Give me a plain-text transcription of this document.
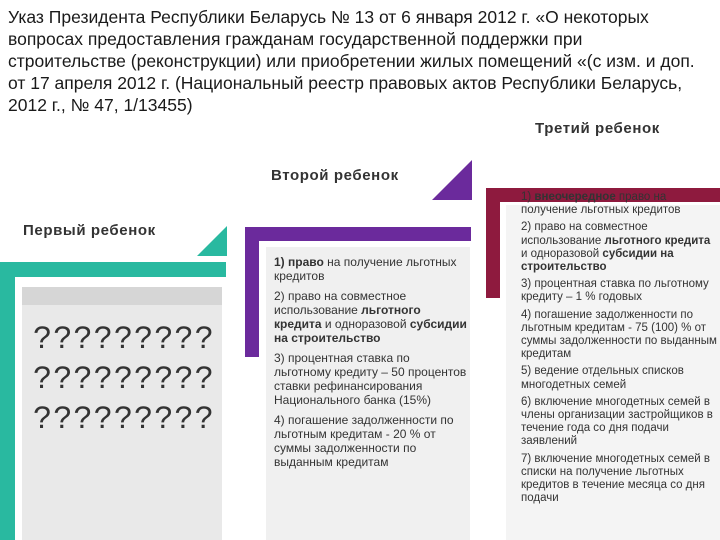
Указ Президента Республики Беларусь № 13 от 6 января 2012 г. «О некоторых
вопросах предоставления гражданам государственной поддержки при
строительстве (реконструкции) или приобретении жилых помещений «(с изм. и доп.
от 17 апреля 2012 г. (Национальный реестр правовых актов Республики Беларусь,
2012 г., № 47, 1/13455)
Третий ребенок
Второй ребенок
Первый ребенок
?????????
?????????
?????????
1) право на получение льготных кредитов
2) право на совместное использование льготного кредита и одноразовой субсидии на строительство
3) процентная ставка по льготному кредиту – 50 процентов ставки рефинансирования Национального банка (15%)
4) погашение задолженности по льготным кредитам - 20 % от суммы задолженности по выданным кредитам
1) внеочередное право на получение льготных кредитов
2) право на совместное использование льготного кредита и одноразовой субсидии на строительство
3) процентная ставка по льготному кредиту – 1 % годовых
4) погашение задолженности по льготным кредитам - 75 (100) % от суммы задолженности по выданным кредитам
5) ведение отдельных списков многодетных семей
6) включение многодетных семей в члены организации застройщиков в течение года со дня подачи заявлений
7) включение многодетных семей в списки на получение льготных кредитов в течение месяца со дня подачи
